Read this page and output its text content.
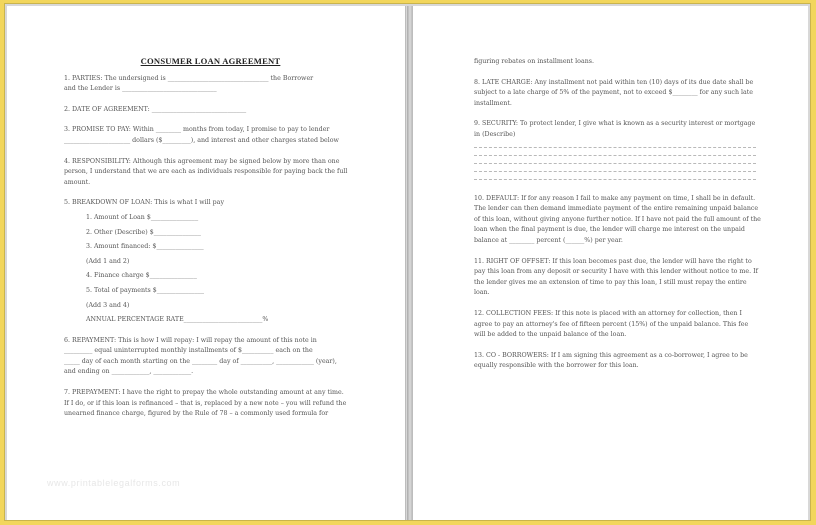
CONSUMER LOAN AGREEMENT
1. PARTIES: The undersigned is ________________________________ the Borrower
and the Lender is ______________________________
2. DATE OF AGREEMENT: ______________________________
3. PROMISE TO PAY: Within ________ months from today, I promise to pay to lender
_____________________ dollars ($_________), and interest and other charges stated below
4. RESPONSIBILITY: Although this agreement may be signed below by more than one
person, I understand that we are each as individuals responsible for paying back the full
amount.
5. BREAKDOWN OF LOAN: This is what I will pay
1. Amount of Loan $_______________
2. Other (Describe) $_______________
3. Amount financed: $_______________
(Add 1 and 2)
4. Finance charge $_______________
5. Total of payments $_______________
(Add 3 and 4)
ANNUAL PERCENTAGE RATE_________________________%
6. REPAYMENT: This is how I will repay: I will repay the amount of this note in
_________ equal uninterrupted monthly installments of $__________ each on the
_____ day of each month starting on the ________ day of __________, ____________ (year),
and ending on ____________, ____________.
7. PREPAYMENT: I have the right to prepay the whole outstanding amount at any time.
If I do, or if this loan is refinanced – that is, replaced by a new note – you will refund the
unearned finance charge, figured by the Rule of 78 – a commonly used formula for
www.printablelegalforms.com
figuring rebates on installment loans.
8. LATE CHARGE: Any installment not paid within ten (10) days of its due date shall be
subject to a late charge of 5% of the payment, not to exceed $________ for any such late
installment.
9. SECURITY: To protect lender, I give what is known as a security interest or mortgage
in (Describe)
10. DEFAULT: If for any reason I fail to make any payment on time, I shall be in default.
The lender can then demand immediate payment of the entire remaining unpaid balance
of this loan, without giving anyone further notice. If I have not paid the full amount of the
loan when the final payment is due, the lender will charge me interest on the unpaid
balance at ________ percent (______%) per year.
11. RIGHT OF OFFSET: If this loan becomes past due, the lender will have the right to
pay this loan from any deposit or security I have with this lender without notice to me. If
the lender gives me an extension of time to pay this loan, I still must repay the entire
loan.
12. COLLECTION FEES: If this note is placed with an attorney for collection, then I
agree to pay an attorney's fee of fifteen percent (15%) of the unpaid balance. This fee
will be added to the unpaid balance of the loan.
13. CO - BORROWERS: If I am signing this agreement as a co-borrower, I agree to be
equally responsible with the borrower for this loan.
